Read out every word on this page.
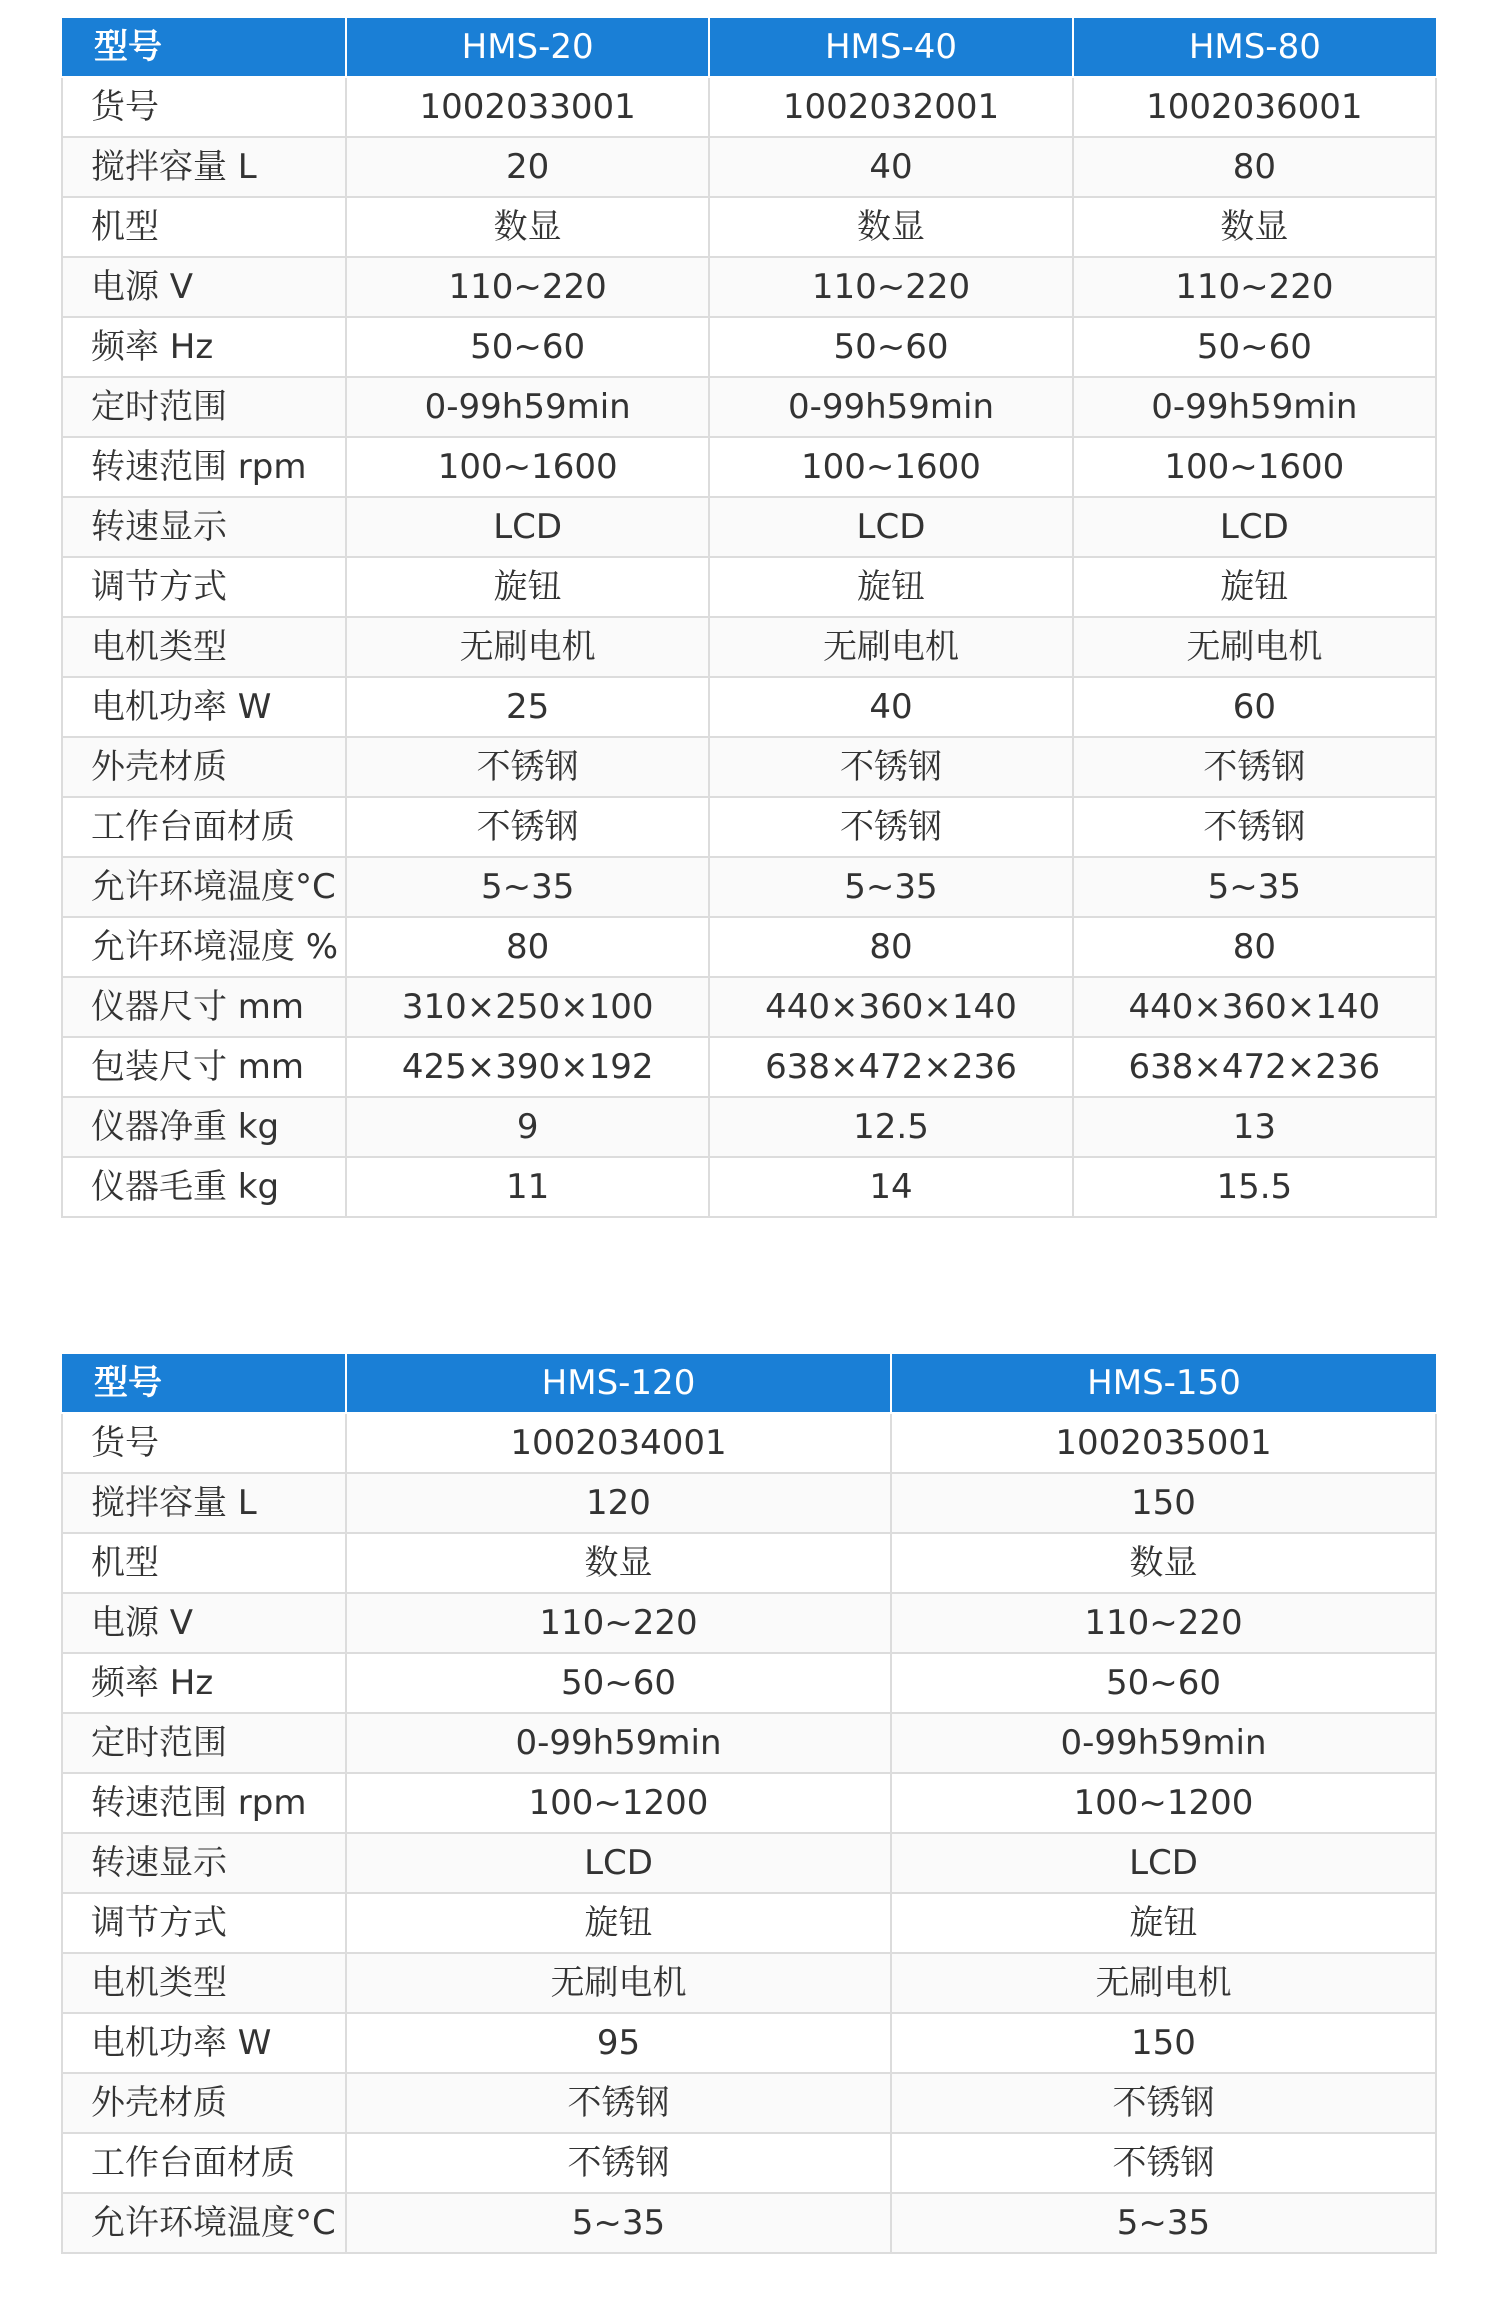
型号	HMS-20	HMS-40	HMS-80
货号	1002033001	1002032001	1002036001
搅拌容量 L	20	40	80
机型	数显	数显	数显
电源 V	110~220	110~220	110~220
频率 Hz	50~60	50~60	50~60
定时范围	0-99h59min	0-99h59min	0-99h59min
转速范围 rpm	100~1600	100~1600	100~1600
转速显示	LCD	LCD	LCD
调节方式	旋钮	旋钮	旋钮
电机类型	无刷电机	无刷电机	无刷电机
电机功率 W	25	40	60
外壳材质	不锈钢	不锈钢	不锈钢
工作台面材质	不锈钢	不锈钢	不锈钢
允许环境温度°C	5~35	5~35	5~35
允许环境湿度 %	80	80	80
仪器尺寸 mm	310×250×100	440×360×140	440×360×140
包装尺寸 mm	425×390×192	638×472×236	638×472×236
仪器净重 kg	9	12.5	13
仪器毛重 kg	11	14	15.5
型号	HMS-120	HMS-150
货号	1002034001	1002035001
搅拌容量 L	120	150
机型	数显	数显
电源 V	110~220	110~220
频率 Hz	50~60	50~60
定时范围	0-99h59min	0-99h59min
转速范围 rpm	100~1200	100~1200
转速显示	LCD	LCD
调节方式	旋钮	旋钮
电机类型	无刷电机	无刷电机
电机功率 W	95	150
外壳材质	不锈钢	不锈钢
工作台面材质	不锈钢	不锈钢
允许环境温度°C	5~35	5~35
